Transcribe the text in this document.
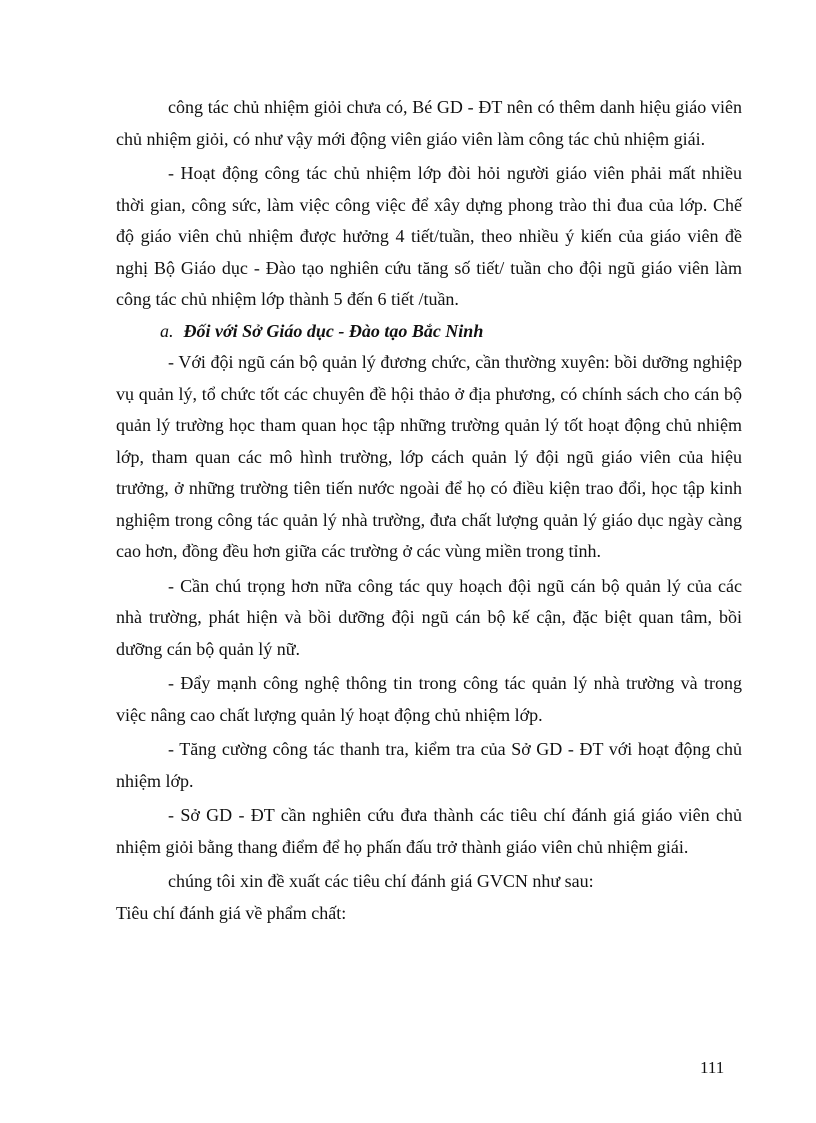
công tác chủ nhiệm giỏi chưa có, Bé GD - ĐT nên có thêm danh hiệu giáo viên chủ nhiệm giỏi, có như vậy mới động viên giáo viên làm công tác chủ nhiệm giái.

- Hoạt động công tác chủ nhiệm lớp đòi hỏi người giáo viên phải mất nhiều thời gian, công sức, làm việc công việc để xây dựng phong trào thi đua của lớp. Chế độ giáo viên chủ nhiệm được hưởng 4 tiết/tuần, theo nhiều ý kiến của giáo viên đề nghị Bộ Giáo dục - Đào tạo nghiên cứu tăng số tiết/ tuần cho đội ngũ giáo viên làm công tác chủ nhiệm lớp thành 5 đến 6 tiết /tuần.

a. Đối với Sở Giáo dục - Đào tạo Bắc Ninh

- Với đội ngũ cán bộ quản lý đương chức, cần thường xuyên: bồi dưỡng nghiệp vụ quản lý, tổ chức tốt các chuyên đề hội thảo ở địa phương, có chính sách cho cán bộ quản lý trường học tham quan học tập những trường quản lý tốt hoạt động chủ nhiệm lớp, tham quan các mô hình trường, lớp cách quản lý đội ngũ giáo viên của hiệu trưởng, ở những trường tiên tiến nước ngoài để họ có điều kiện trao đổi, học tập kinh nghiệm trong công tác quản lý nhà trường, đưa chất lượng quản lý giáo dục ngày càng cao hơn, đồng đều hơn giữa các trường ở các vùng miền trong tỉnh.

- Cần chú trọng hơn nữa công tác quy hoạch đội ngũ cán bộ quản lý của các nhà trường, phát hiện và bồi dưỡng đội ngũ cán bộ kế cận, đặc biệt quan tâm, bồi dưỡng cán bộ quản lý nữ.

- Đẩy mạnh công nghệ thông tin trong công tác quản lý nhà trường và trong việc nâng cao chất lượng quản lý hoạt động chủ nhiệm lớp.

- Tăng cường công tác thanh tra, kiểm tra của Sở GD - ĐT với hoạt động chủ nhiệm lớp.

- Sở GD - ĐT cần nghiên cứu đưa thành các tiêu chí đánh giá giáo viên chủ nhiệm giỏi bằng thang điểm để họ phấn đấu trở thành giáo viên chủ nhiệm giái.

chúng tôi xin đề xuất các tiêu chí đánh giá GVCN như sau:

Tiêu chí đánh giá về phẩm chất:

111
